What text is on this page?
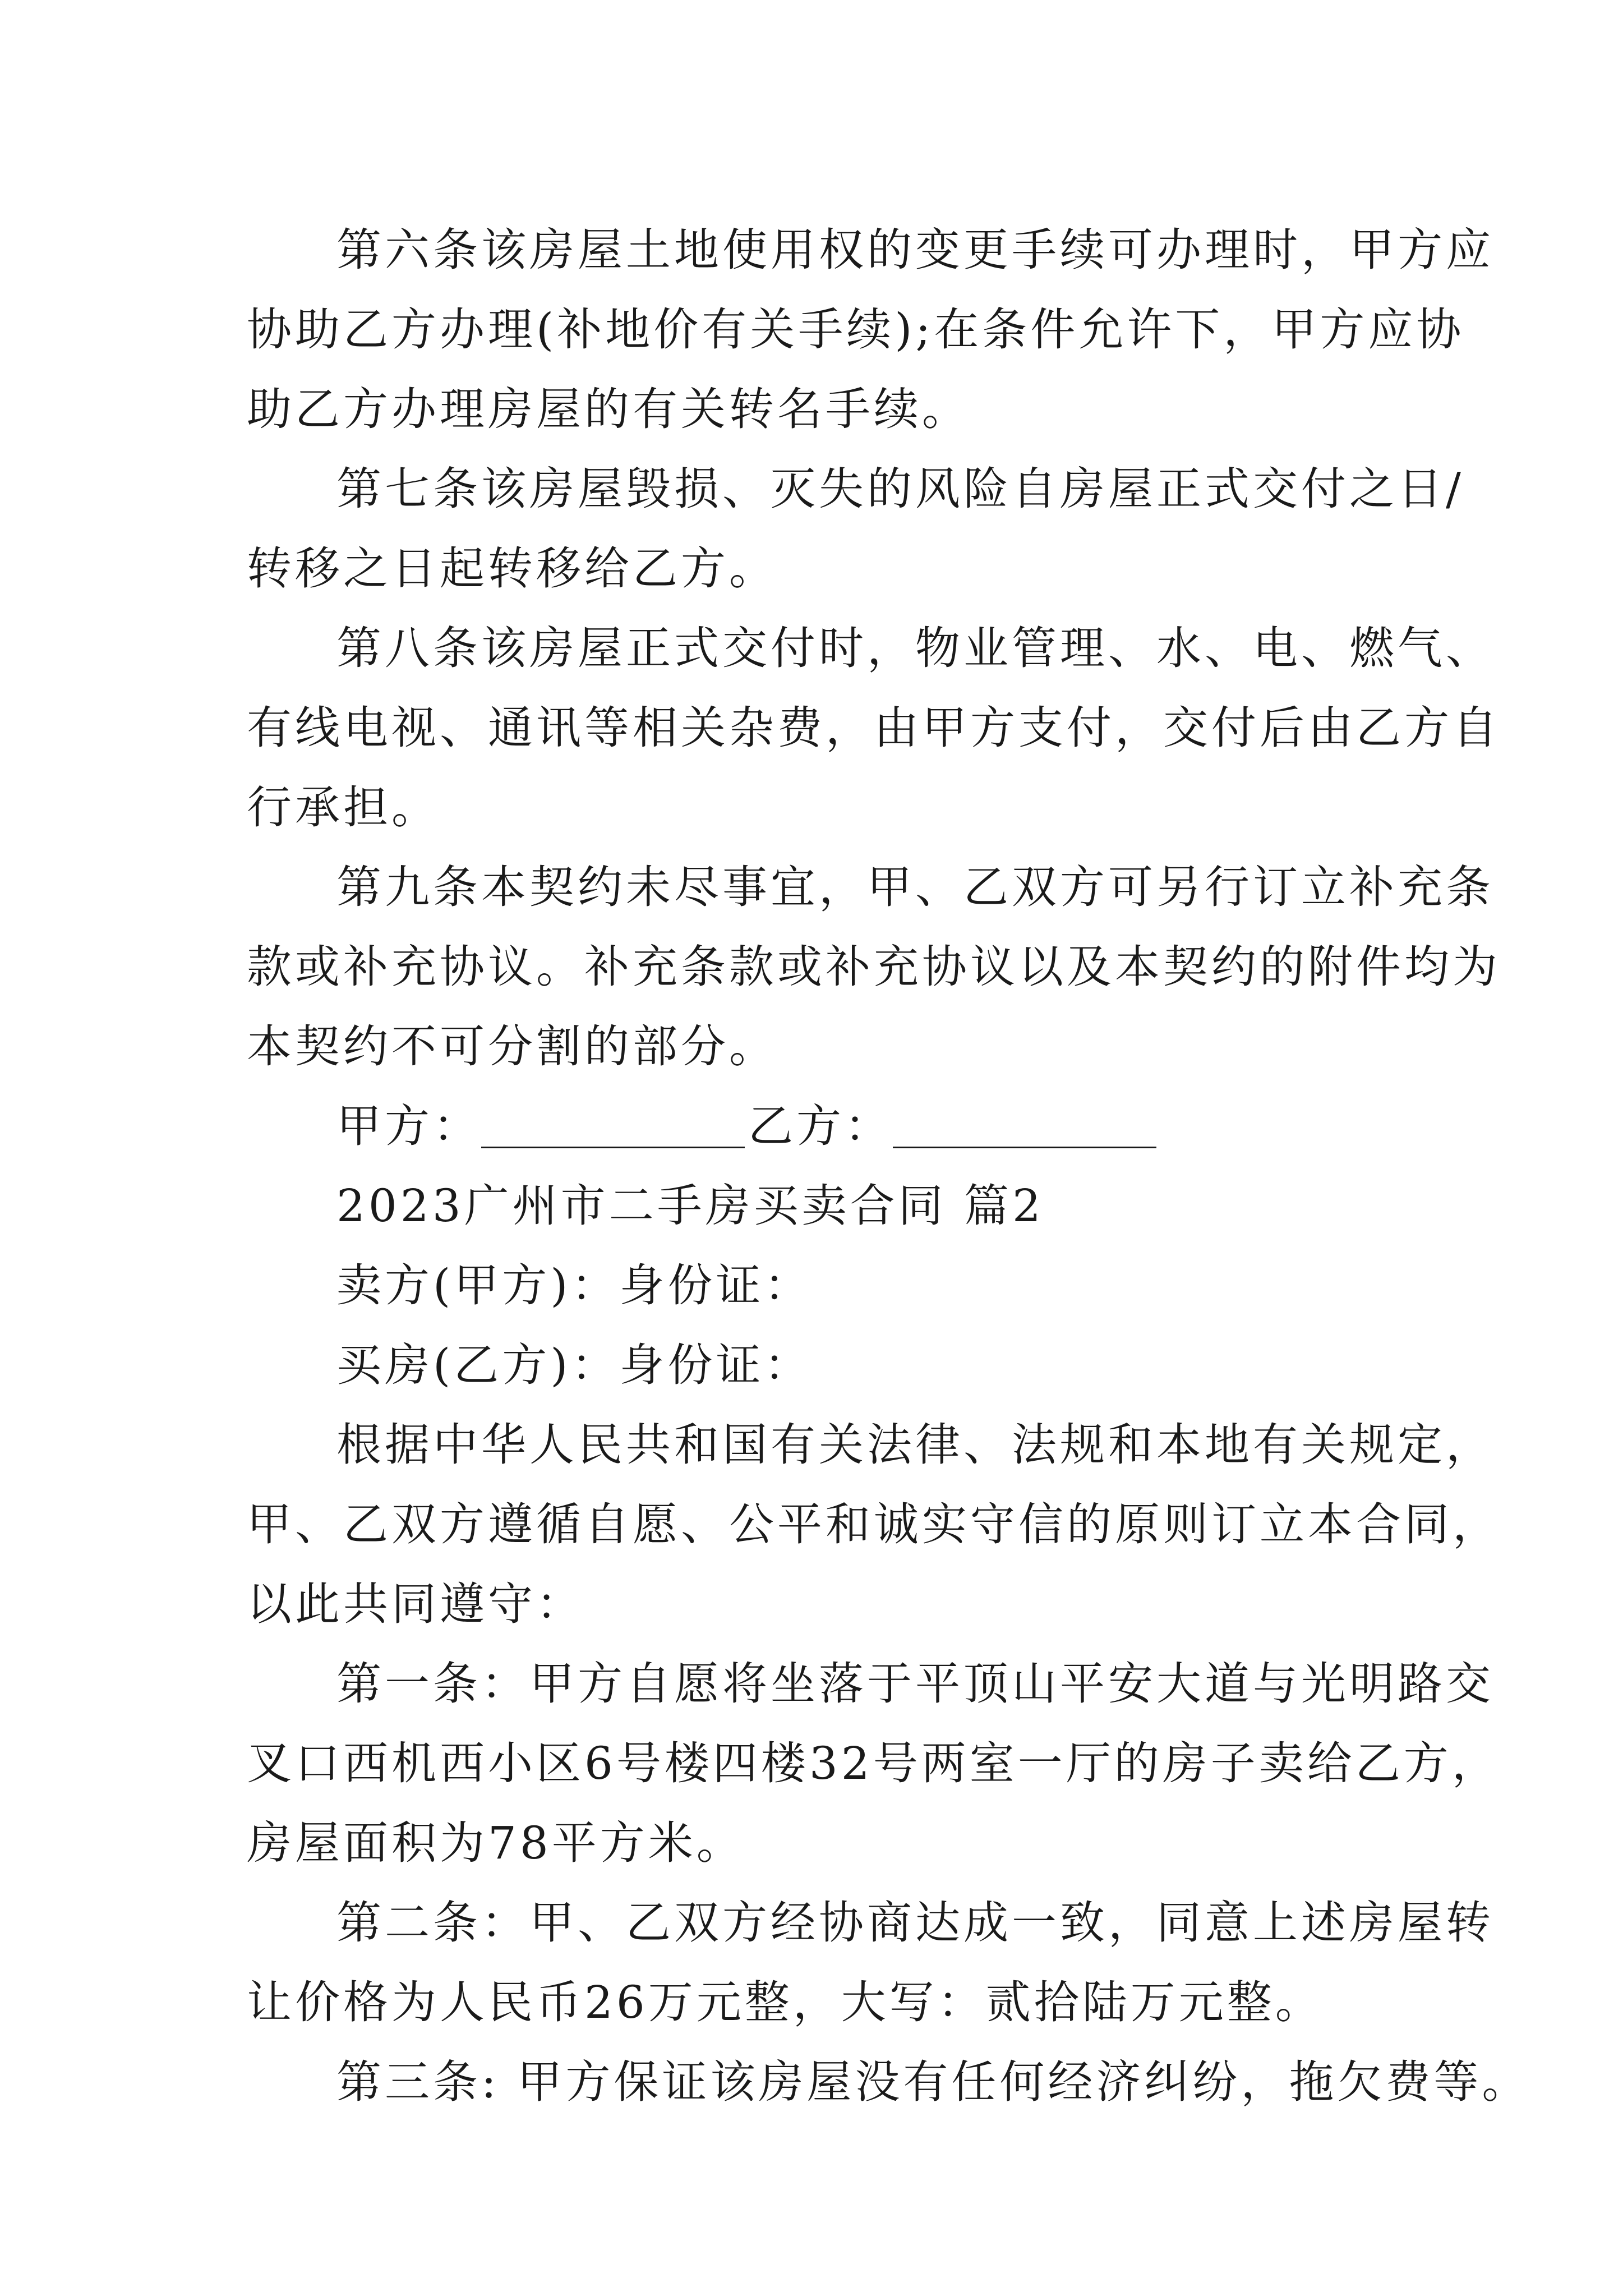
第六条该房屋土地使用权的变更手续可办理时，甲方应
协助乙方办理(补地价有关手续);在条件允许下，甲方应协
助乙方办理房屋的有关转名手续。
第七条该房屋毁损、灭失的风险自房屋正式交付之日/
转移之日起转移给乙方。
第八条该房屋正式交付时，物业管理、水、电、燃气、
有线电视、通讯等相关杂费，由甲方支付，交付后由乙方自
行承担。
第九条本契约未尽事宜，甲、乙双方可另行订立补充条
款或补充协议。补充条款或补充协议以及本契约的附件均为
本契约不可分割的部分。
甲方：	乙方：
2023广州市二手房买卖合同 篇2
卖方(甲方)：身份证：
买房(乙方)：身份证：
根据中华人民共和国有关法律、法规和本地有关规定，
甲、乙双方遵循自愿、公平和诚实守信的原则订立本合同，
以此共同遵守：
第一条：甲方自愿将坐落于平顶山平安大道与光明路交
叉口西机西小区6号楼四楼32号两室一厅的房子卖给乙方，
房屋面积为78平方米。
第二条：甲、乙双方经协商达成一致，同意上述房屋转
让价格为人民币26万元整，大写：贰拾陆万元整。
第三条: 甲方保证该房屋没有任何经济纠纷，拖欠费等。
